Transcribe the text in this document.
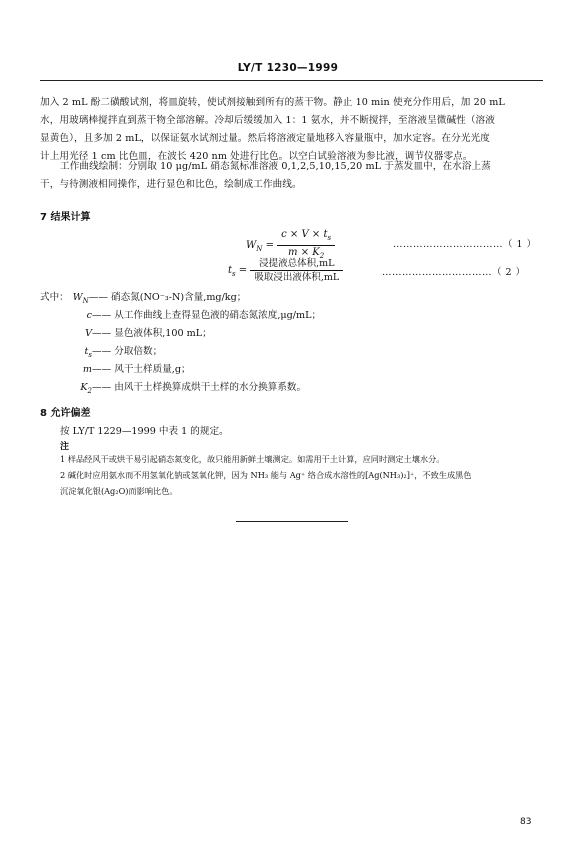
LY/T 1230—1999
加入 2 mL 酚二磺酸试剂，将皿旋转，使试剂接触到所有的蒸干物。静止 10 min 使充分作用后，加 20 mL
水，用玻璃棒搅拌直到蒸干物全部溶解。冷却后缓缓加入 1：1 氨水，并不断搅拌，至溶液呈微碱性（溶液
显黄色），且多加 2 mL，以保证氨水试剂过量。然后将溶液定量地移入容量瓶中，加水定容。在分光光度
计上用光径 1 cm 比色皿，在波长 420 nm 处进行比色。以空白试验溶液为参比液，调节仪器零点。
工作曲线绘制：分别取 10 μg/mL 硝态氮标准溶液 0,1,2,5,10,15,20 mL 于蒸发皿中，在水浴上蒸
干，与待测液相同操作，进行显色和比色，绘制成工作曲线。
7 结果计算
$W_N = \frac{c \times V \times t_s}{m \times K_2}$	……………………………（ 1 ）
$t_s = \frac{\text{浸提液总体积,mL}}{\text{吸取浸出液体积,mL}}$	……………………………（ 2 ）
式中： $W_N——$ 硝态氮(NO⁻₃-N)含量,mg/kg；
c—— 从工作曲线上查得显色液的硝态氮浓度,μg/mL；
V—— 显色液体积,100 mL；
$t_s——$ 分取倍数；
m—— 风干土样质量,g；
$K_2——$ 由风干土样换算成烘干土样的水分换算系数。
8 允许偏差
按 LY/T 1229—1999 中表 1 的规定。
注
1 样品经风干或烘干易引起硝态氮变化，故只能用新鲜土壤测定。如需用干土计算，应同时测定土壤水分。
2 碱化时应用氨水而不用氢氧化钠或氢氧化钾，因为 NH₃ 能与 Ag⁺ 络合成水溶性的[Ag(NH₃)₂]⁺，不致生成黑色
沉淀氧化银(Ag₂O)而影响比色。
83
